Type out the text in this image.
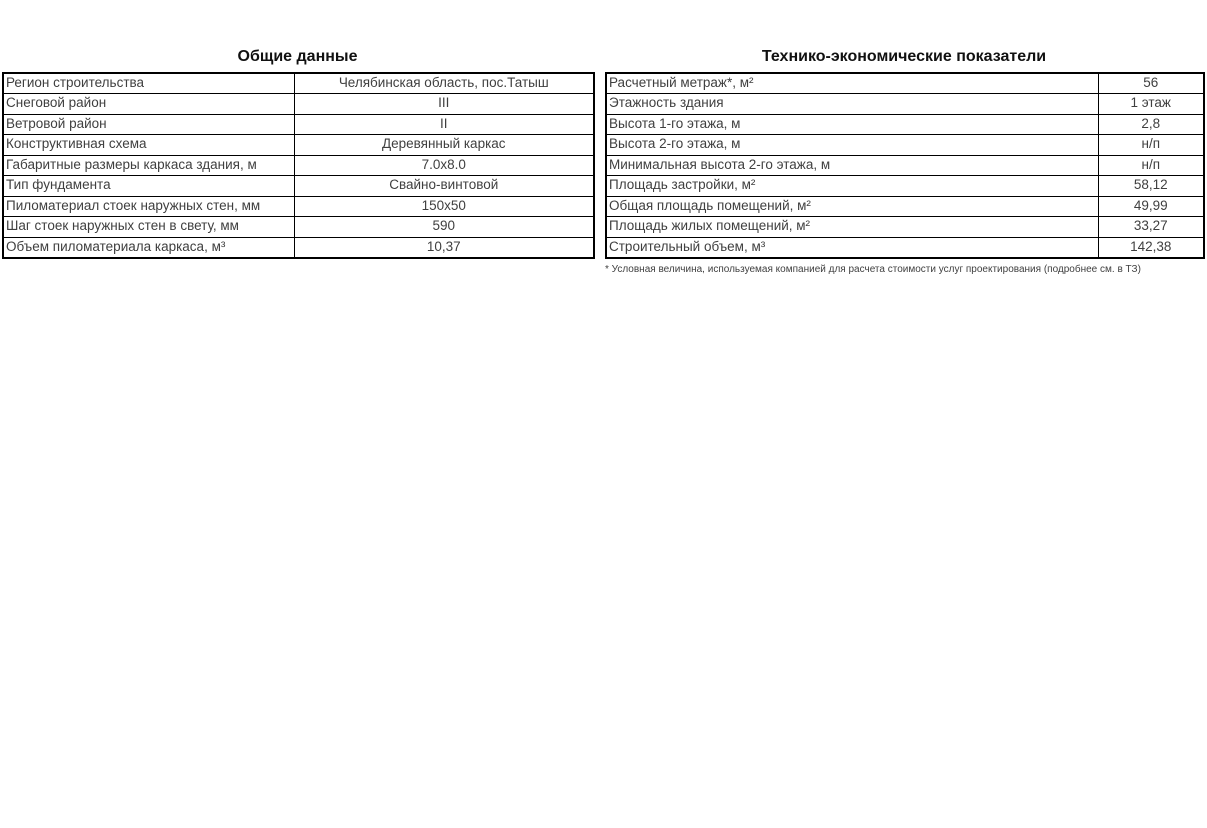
Общие данные
Регион строительства	Челябинская область, пос.Татыш
Снеговой район	III
Ветровой район	II
Конструктивная схема	Деревянный каркас
Габаритные размеры каркаса здания, м	7.0x8.0
Тип фундамента	Свайно-винтовой
Пиломатериал стоек наружных стен, мм	150x50
Шаг стоек наружных стен в свету, мм	590
Объем пиломатериала каркаса, м³	10,37
Технико-экономические показатели
Расчетный метраж*, м²	56
Этажность здания	1 этаж
Высота 1-го этажа, м	2,8
Высота 2-го этажа, м	н/п
Минимальная высота 2-го этажа, м	н/п
Площадь застройки, м²	58,12
Общая площадь помещений, м²	49,99
Площадь жилых помещений, м²	33,27
Строительный объем, м³	142,38
* Условная величина, используемая компанией для расчета стоимости услуг проектирования (подробнее см. в ТЗ)
